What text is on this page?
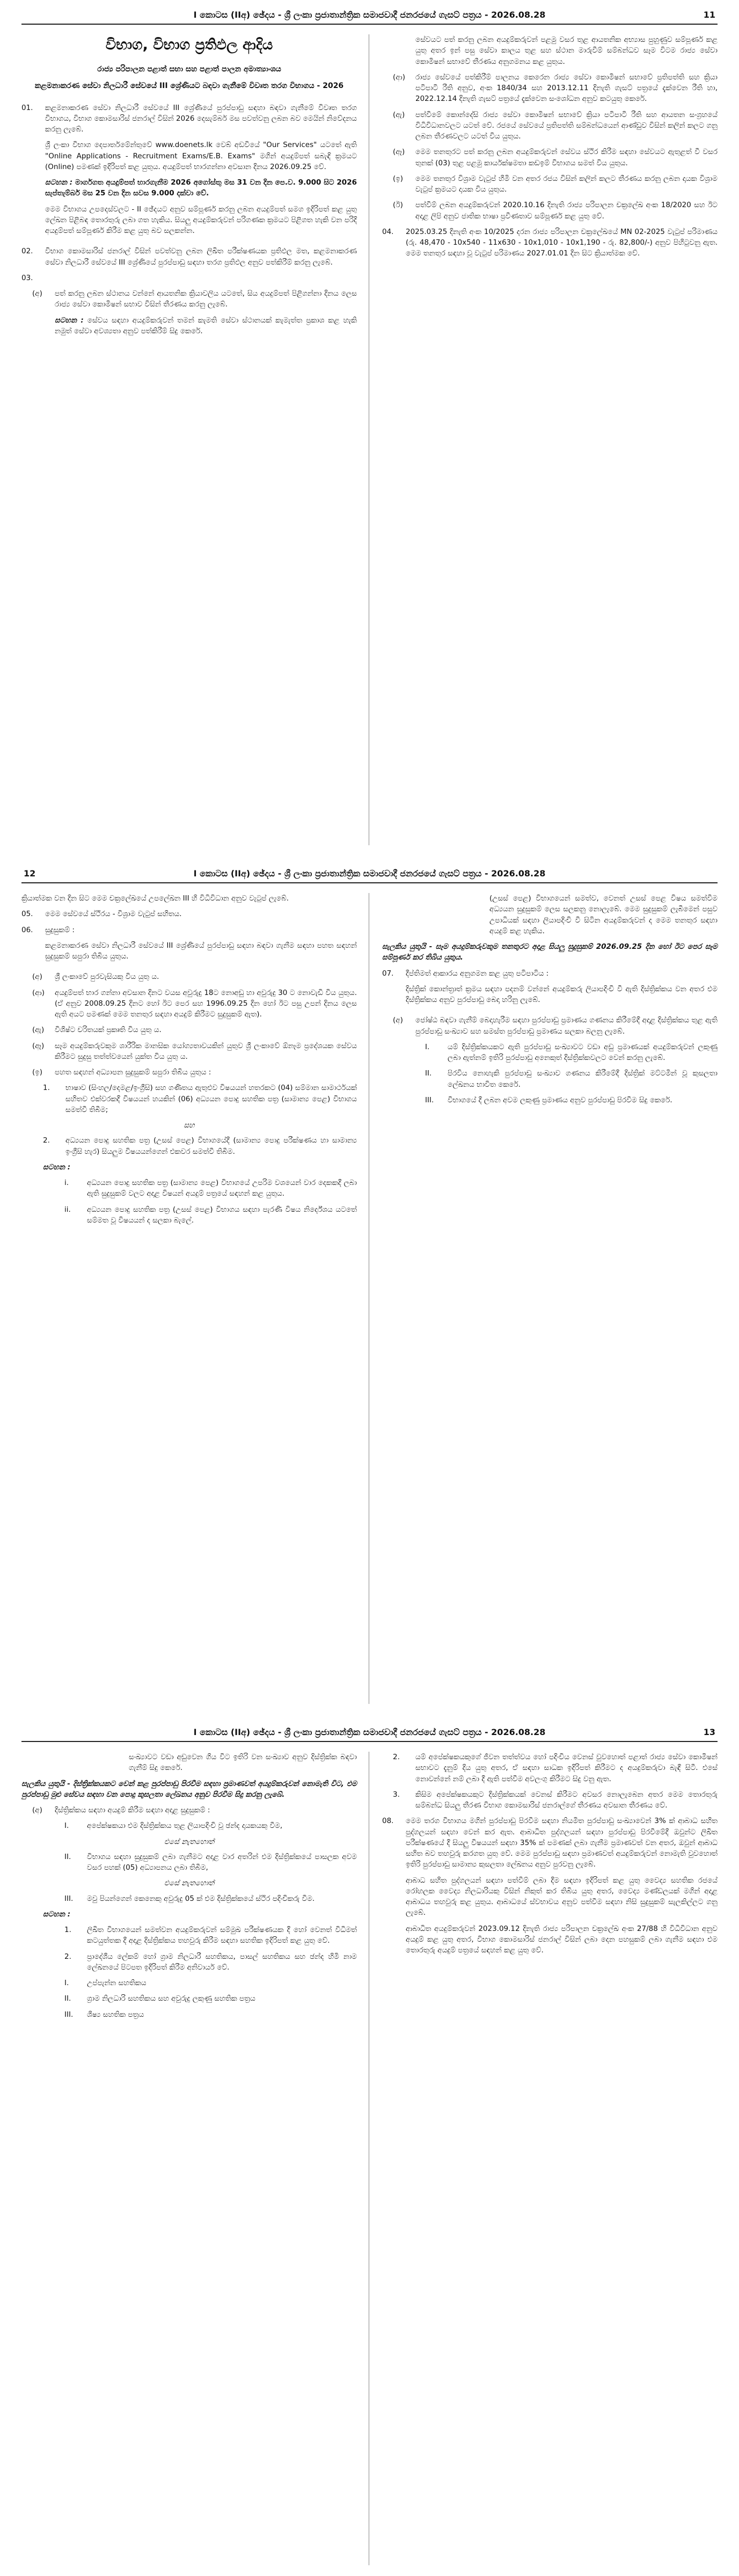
I කොටස (IIඅ) ඡේදය - ශ්‍රී ලංකා ප්‍රජාතාන්ත්‍රික සමාජවාදී ජනරජයේ ගැසට් පත්‍රය - 2026.08.28	11
විභාග, විභාග ප්‍රතිඵල ආදිය
රාජ්‍ය පරිපාලන පළාත් සභා සහ පළාත් පාලන අමාත්‍යාංශය
කළමනාකරණ සේවා නිලධාරී සේවයේ III ශ්‍රේණියට බඳවා ගැනීමේ විවෘත තරග විභාගය - 2026
01.	කළමනාකරණ සේවා නිලධාරී සේවයේ III ශ්‍රේණියේ පුරප්පාඩු සඳහා බඳවා ගැනීමේ විවෘත තරග විභාගය, විභාග කොමසාරිස් ජනරාල් විසින් 2026 දෙසැම්බර් මස පවත්වනු ලබන බව මෙයින් නිවේදනය කරනු ලැබේ.

ශ්‍රී ලංකා විභාග දෙපාර්තමේන්තුවේ www.doenets.lk වෙබ් අඩවියේ "Our Services" යටතේ ඇති "Online Applications - Recruitment Exams/E.B. Exams" මගින් අයදුම්පත් සබැඳි ක්‍රමයට (Online) පමණක් ඉදිරිපත් කළ යුතුය. අයදුම්පත් භාරගන්නා අවසාන දිනය 2026.09.25 වේ.

සටහන : මාර්ගගත අයදුම්පත් භාරගැනීම 2026 අගෝස්තු මස 31 වන දින පෙ.ව. 9.000 සිට 2026 සැප්තැම්බර් මස 25 වන දින සවස 9.000 දක්වා වේ.

මෙම විභාගය උපදෙස්වලට - II ඡේදයට අනුව සම්පූර්ණ කරනු ලබන අයදුම්පත් සමග ඉදිරිපත් කළ යුතු ලේඛන පිළිබඳ තොරතුරු ලබා ගත හැකිය. සියලු අයදුම්කරුවන් පරිගණක ක්‍රමයට පිළිගත හැකි වන පරිදි අයදුම්පත් සම්පූර්ණ කිරීම කළ යුතු බව සලකන්න.

02.	විභාග කොමසාරිස් ජනරාල් විසින් පවත්වනු ලබන ලිඛිත පරීක්ෂණයක ප්‍රතිඵල මත, කළමනාකරණ සේවා නිලධාරී සේවයේ III ශ්‍රේණියේ පුරප්පාඩු සඳහා තරග ප්‍රතිඵල අනුව පත්කිරීම් කරනු ලැබේ.
03.
(අ)	පත් කරනු ලබන ස්ථානය වන්නේ ආයතනික ක්‍රියාවලිය යටතේ, සිය අයදුම්පත් පිළිගන්නා දිනය ලෙස රාජ්‍ය සේවා කොමිෂන් සභාව විසින් තීරණය කරනු ලැබේ.

සටහන : සේවය සඳහා අයදුම්කරුවන් තමන් කැමති සේවා ස්ථානයක් කැමැත්ත ප්‍රකාශ කළ හැකි නමුත් සේවා අවශ්‍යතා අනුව පත්කිරීම් සිදු කෙරේ.

සේවයට පත් කරනු ලබන අයදුම්කරුවන් පළමු වසර තුළ ආයතනික අභ්‍යාස පුහුණුව සම්පූර්ණ කළ යුතු අතර ඉන් පසු සේවා කාලය තුළ සහ ස්ථාන මාරුවීම් සම්බන්ධව සෑම විටම රාජ්‍ය සේවා කොමිෂන් සභාවේ තීරණය අනුගමනය කළ යුතුය.

(ආ)	රාජ්‍ය සේවයේ පත්කිරීම් පාලනය කෙරෙන රාජ්‍ය සේවා කොමිෂන් සභාවේ ප්‍රතිපත්ති සහ ක්‍රියා පටිපාටි රීති අනුව, අංක 1840/34 සහ 2013.12.11 දිනැති ගැසට් පත්‍රයේ දැක්වෙන රීති හා, 2022.12.14 දිනැති ගැසට් පත්‍රයේ දැක්වෙන සංශෝධන අනුව කටයුතු කෙරේ.
(ඇ)	පත්වීමේ කොන්දේසි රාජ්‍ය සේවා කොමිෂන් සභාවේ ක්‍රියා පටිපාටි රීති සහ ආයතන සංග්‍රහයේ විධිවිධානවලට යටත් වේ. රජයේ සේවයේ ප්‍රතිපත්ති සම්බන්ධයෙන් ආණ්ඩුව විසින් කලින් කලට ගනු ලබන තීරණවලට යටත් විය යුතුය.
(ඈ)	මෙම තනතුරට පත් කරනු ලබන අයදුම්කරුවන් සේවය ස්ථිර කිරීම සඳහා සේවයට ඇතුළත් වී වසර තුනක් (03) තුළ පළමු කාර්යක්ෂමතා කඩඉම් විභාගය සමත් විය යුතුය.
(ඉ)	මෙම තනතුර විශ්‍රාම වැටුප් හිමි වන අතර රජය විසින් කලින් කලට තීරණය කරනු ලබන දායක විශ්‍රාම වැටුප් ක්‍රමයට දායක විය යුතුය.
(ඊ)	පත්වීම් ලබන අයදුම්කරුවන් 2020.10.16 දිනැති රාජ්‍ය පරිපාලන චක්‍රලේඛ අංක 18/2020 සහ ඊට අදාළ ලිපි අනුව ජාතික භාෂා ප්‍රවීණතාව සම්පූර්ණ කළ යුතු වේ.
04.	2025.03.25 දිනැති අංක 10/2025 දරන රාජ්‍ය පරිපාලන චක්‍රලේඛයේ MN 02-2025 වැටුප් පරිමාණය (රු. 48,470 - 10x540 - 11x630 - 10x1,010 - 10x1,190 - රු. 82,800/-) අනුව පිහිටුවනු ඇත. මෙම තනතුර සඳහා වූ වැටුප් පරිමාණය 2027.01.01 දින සිට ක්‍රියාත්මක වේ.
12	I කොටස (IIඅ) ඡේදය - ශ්‍රී ලංකා ප්‍රජාතාන්ත්‍රික සමාජවාදී ජනරජයේ ගැසට් පත්‍රය - 2026.08.28

ක්‍රියාත්මක වන දින සිට මෙම චක්‍රලේඛයේ උපලේඛන III හි විධිවිධාන අනුව වැටුප් ලැබේ.

05.	මෙම සේවයේ ස්ථිරය - විශ්‍රාම වැටුප් සහිතය.
06.	සුදුසුකම් :

කළමනාකරණ සේවා නිලධාරී සේවයේ III ශ්‍රේණියේ පුරප්පාඩු සඳහා බඳවා ගැනීම සඳහා පහත සඳහන් සුදුසුකම් සපුරා තිබිය යුතුය.

(අ)	ශ්‍රී ලංකාවේ පුරවැසියකු විය යුතු ය.
(ආ)	අයදුම්පත් භාර ගන්නා අවසාන දිනට වයස අවුරුදු 18ට නොඅඩු හා අවුරුදු 30 ට නොවැඩි විය යුතුය. (ඒ අනුව 2008.09.25 දිනට හෝ ඊට පෙර සහ 1996.09.25 දින හෝ ඊට පසු උපන් දිනය ලෙස ඇති අයට පමණක් මෙම තනතුර සඳහා අයදුම් කිරීමට සුදුසුකම් ඇත).
(ඇ)	විශිෂ්ට චරිතයක් ප්‍රකෘති විය යුතු ය.
(ඈ)	සෑම අයදුම්කරුවකුම ශාරීරික මානසික යෝග්‍යතාවයකින් යුතුව ශ්‍රී ලංකාවේ ඕනෑම ප්‍රදේශයක සේවය කිරීමට සුදුසු තත්ත්වයෙන් යුක්ත විය යුතු ය.
(ඉ)	පහත සඳහන් අධ්‍යාපන සුදුසුකම් සපුරා තිබිය යුතුය :
1.	භාෂාව (සිංහල/දෙමළ/ඉංග්‍රීසි) සහ ගණිතය ඇතුළුව විෂයයන් හතරකට (04) සම්මාන සාමාර්ථයක් සහිතව එක්වරකදී විෂයයන් හයකින් (06) අධ්‍යයන පොදු සහතික පත්‍ර (සාමාන්‍ය පෙළ) විභාගය සමත්වී තිබීම;
සහ
2.	අධ්‍යයන පොදු සහතික පත්‍ර (උසස් පෙළ) විභාගයේදී (සාමාන්‍ය පොදු පරීක්ෂණය හා සාමාන්‍ය ඉංග්‍රීසි හැර) සියලුම විෂයයන්ගෙන් එකවර සමත්වී තිබීම.
සටහන :
i.	අධ්‍යයන පොදු සහතික පත්‍ර (සාමාන්‍ය පෙළ) විභාගයේ උපරිම වශයෙන් වාර දෙකකදී ලබා ඇති සුදුසුකම් වලට අදාළ විෂයන් අයදුම් පත්‍රයේ සඳහන් කළ යුතුය.
ii.	අධ්‍යයන පොදු සහතික පත්‍ර (උසස් පෙළ) විභාගය සඳහා පැරණි විෂය නිර්දේශය යටතේ සම්මත වූ විෂයයන් ද සලකා බැලේ.

(උසස් පෙළ) විභාගයෙන් සමත්ව, වෙනත් උසස් පෙළ විෂය සමත්වීම අධ්‍යයන සුදුසුකම් ලෙස සලකනු නොලැබේ. මෙම සුදුසුකම් ලැබීමෙන් පසුව උපාධියක් සඳහා ලියාපදිංචි වී සිටින අයදුම්කරුවන් ද මෙම තනතුර සඳහා අයදුම් කළ හැකිය.

සැලකිය යුතුයි - සෑම අයදුම්කරුවකුම තනතුරට අදාළ සියලු සුදුසුකම් 2026.09.25 දින හෝ ඊට පෙර සෑම සම්පූර්ණ කර තිබිය යුතුය.

07.	දීප්තිමත් ආකාරය අනුගමන කළ යුතු පටිපාටිය :

දිස්ත්‍රික් කොන්ත්‍රාත් ක්‍රමය සඳහා පදනම් වන්නේ අයදුම්කරු ලියාපදිංචි වී ඇති දිස්ත්‍රික්කය වන අතර එම දිස්ත්‍රික්කය අනුව පුරප්පාඩු බෙදා හරිනු ලැබේ.

(අ)	ජෝෂ්ඨ බඳවා ගැනීම් බෙදාහැරීම සඳහා පුරප්පාඩු ප්‍රමාණය ගණනය කිරීමේදී අදාළ දිස්ත්‍රික්කය තුළ ඇති පුරප්පාඩු සංඛ්‍යාව සහ සමස්ත පුරප්පාඩු ප්‍රමාණය සලකා බලනු ලැබේ.
I.	යම් දිස්ත්‍රික්කයකට ඇති පුරප්පාඩු සංඛ්‍යාවට වඩා අඩු ප්‍රමාණයක් අයදුම්කරුවන් ලකුණු ලබා ඇත්නම් ඉතිරි පුරප්පාඩු අනෙකුත් දිස්ත්‍රික්කවලට වෙන් කරනු ලැබේ.
II.	පිරවිය නොහැකි පුරප්පාඩු සංඛ්‍යාව ගණනය කිරීමේදී දිස්ත්‍රික් මට්ටමින් වූ කුසලතා ලේඛනය භාවිත කෙරේ.
III.	විභාගයේ දී ලබන අවම ලකුණු ප්‍රමාණය අනුව පුරප්පාඩු පිරවීම සිදු කෙරේ.
I කොටස (IIඅ) ඡේදය - ශ්‍රී ලංකා ප්‍රජාතාන්ත්‍රික සමාජවාදී ජනරජයේ ගැසට් පත්‍රය - 2026.08.28	13

සංඛ්‍යාවට වඩා අඩුවෙන ගිය විට ඉතිරි වන සංඛ්‍යාව අනුව දිස්ත්‍රික්ක බඳවා ගැනීම් සිදු කෙරේ.

සැලකිය යුතුයි - දිස්ත්‍රික්කයකට වෙන් කළ පුරප්පාඩු පිරවීම සඳහා ප්‍රමාණවත් අයදුම්කරුවන් නොමැති විට, එම පුරප්පාඩු මුළු සේවය සඳහා වන පොදු කුසලතා ලේඛනය අනුව පිරවීම සිදු කරනු ලැබේ.

(අ)	දිස්ත්‍රික්කය සඳහා අයදුම් කිරීම සඳහා අදාළ සුදුසුකම් :
I.	අපේක්ෂකයා එම දිස්ත්‍රික්කය තුළ ලියාපදිංචි වූ ඡන්ද දායකයකු වීම,
එසේ නැතහොත්
II.	විභාගය සඳහා සුදුසුකම් ලබා ගැනීමට අදාළ වාර අතරින් එම දිස්ත්‍රික්කයේ පාසලක අවම වසර පහක් (05) අධ්‍යාපනය ලබා තිබීම,
එසේ නැතහොත්
III.	මවු පියන්ගෙන් කෙනෙකු අවුරුදු 05 ක් එම දිස්ත්‍රික්කයේ ස්ථිර පදිංචිකරු වීම.
සටහන :
1.	ලිඛිත විභාගයෙන් සමත්වන අයදුම්කරුවන් සම්මුඛ පරීක්ෂණයක දී හෝ වෙනත් විධිමත් කටයුත්තක දී අදාළ දිස්ත්‍රික්කය තහවුරු කිරීම සඳහා සහතික ඉදිරිපත් කළ යුතු වේ.
2.	ප්‍රාදේශීය ලේකම් හෝ ග්‍රාම නිලධාරී සහතිකය, පාසල් සහතිකය සහ ඡන්ද හිමි නාම ලේඛනයේ පිටපත ඉදිරිපත් කිරීම අනිවාර්ය වේ.
I.	උප්පැන්න සහතිකය
II.	ග්‍රාම නිලධාරි සහතිකය සහ අවුරුදු ලකුණු සහතික පත්‍රය
III.	ශිෂ්‍ය සහතික පත්‍රය
2.	යම් අපේක්ෂකයකුගේ ජීවන තත්ත්වය හෝ පදිංචිය වෙනස් වුවහොත් පළාත් රාජ්‍ය සේවා කොමිෂන් සභාවට දැනුම් දිය යුතු අතර, ඒ සඳහා සාධක ඉදිරිපත් කිරීමට ද අයදුම්කරුවා බැඳී සිටී. එසේ නොවන්නේ නම් ලබා දී ඇති පත්වීම අවලංගු කිරීමට සිදු වනු ඇත.
3.	කිසිම අපේක්ෂකයකුට දිස්ත්‍රික්කයක් වෙනස් කිරීමට අවසර නොලැබෙන අතර මෙම තොරතුරු සම්බන්ධ සියලු තීරණ විභාග කොමසාරිස් ජනරාල්ගේ තීරණය අවසාන තීරණය වේ.
08.	මෙම තරග විභාගය මගින් පුරප්පාඩු පිරවීම සඳහා නියමිත පුරප්පාඩු සංඛ්‍යාවෙන් 3% ක් ආබාධ සහිත පුද්ගලයන් සඳහා වෙන් කර ඇත. ආබාධිත පුද්ගලයන් සඳහා පුරප්පාඩු පිරවීමේදී ඔවුන්ට ලිඛිත පරීක්ෂණයේ දී සියලු විෂයයන් සඳහා 35% ක් පමණක් ලබා ගැනීම ප්‍රමාණවත් වන අතර, ඔවුන් ආබාධ සහිත බව තහවුරු කරගත යුතු වේ. මෙම පුරප්පාඩු සඳහා ප්‍රමාණවත් අයදුම්කරුවන් නොමැති වුවහොත් ඉතිරි පුරප්පාඩු සාමාන්‍ය කුසලතා ලේඛනය අනුව පුරවනු ලැබේ.

ආබාධ සහිත පුද්ගලයන් සඳහා පත්වීම් ලබා දීම සඳහා ඉදිරිපත් කළ යුතු වෛද්‍ය සහතික රජයේ රෝහලක වෛද්‍ය නිලධාරියකු විසින් නිකුත් කර තිබිය යුතු අතර, වෛද්‍ය මණ්ඩලයක් මගින් අදාළ ආබාධය තහවුරු කළ යුතුය. ආබාධයේ ස්වභාවය අනුව පත්වීම සඳහා නිසි සුදුසුකම් සැලකිල්ලට ගනු ලැබේ.

ආබාධිත අයදුම්කරුවන් 2023.09.12 දිනැති රාජ්‍ය පරිපාලන චක්‍රලේඛ අංක 27/88 හි විධිවිධාන අනුව අයදුම් කළ යුතු අතර, විභාග කොමසාරිස් ජනරාල් විසින් ලබා දෙන පහසුකම් ලබා ගැනීම සඳහා එම තොරතුරු අයදුම් පත්‍රයේ සඳහන් කළ යුතු වේ.
